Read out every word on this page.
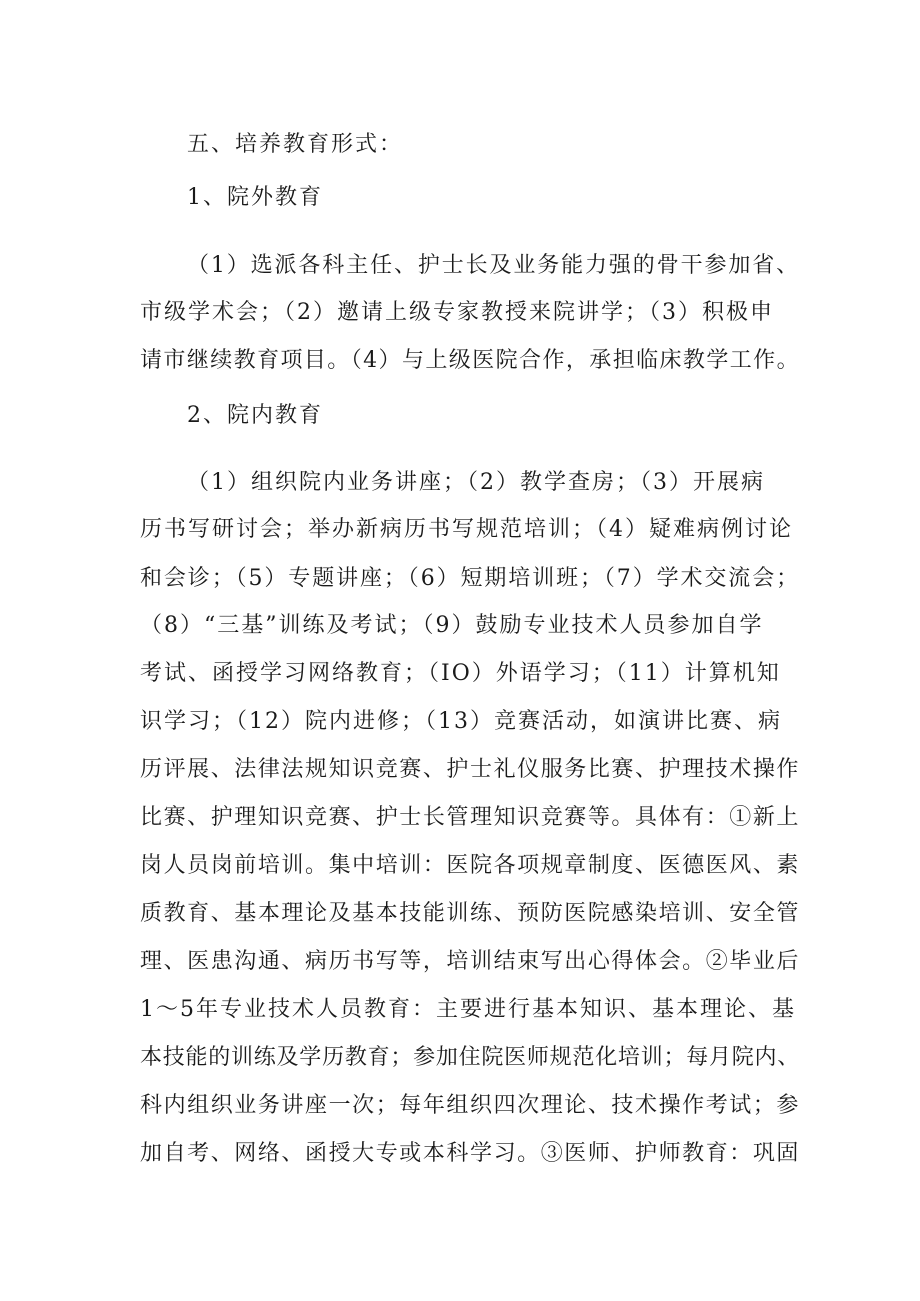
五、培养教育形式：

1、院外教育

（1）选派各科主任、护士长及业务能力强的骨干参加省、

市级学术会；（2）邀请上级专家教授来院讲学；（3）积极申

请市继续教育项目。（4）与上级医院合作，承担临床教学工作。

2、院内教育

（1）组织院内业务讲座；（2）教学查房；（3）开展病

历书写研讨会；举办新病历书写规范培训；（4）疑难病例讨论

和会诊；（5）专题讲座；（6）短期培训班；（7）学术交流会；

（8）“三基”训练及考试；（9）鼓励专业技术人员参加自学

考试、函授学习网络教育；（IO）外语学习；（11）计算机知

识学习；（12）院内进修；（13）竞赛活动，如演讲比赛、病

历评展、法律法规知识竞赛、护士礼仪服务比赛、护理技术操作

比赛、护理知识竞赛、护士长管理知识竞赛等。具体有：①新上

岗人员岗前培训。集中培训：医院各项规章制度、医德医风、素

质教育、基本理论及基本技能训练、预防医院感染培训、安全管

理、医患沟通、病历书写等，培训结束写出心得体会。②毕业后

1～5年专业技术人员教育：主要进行基本知识、基本理论、基

本技能的训练及学历教育；参加住院医师规范化培训；每月院内、

科内组织业务讲座一次；每年组织四次理论、技术操作考试；参

加自考、网络、函授大专或本科学习。③医师、护师教育：巩固
